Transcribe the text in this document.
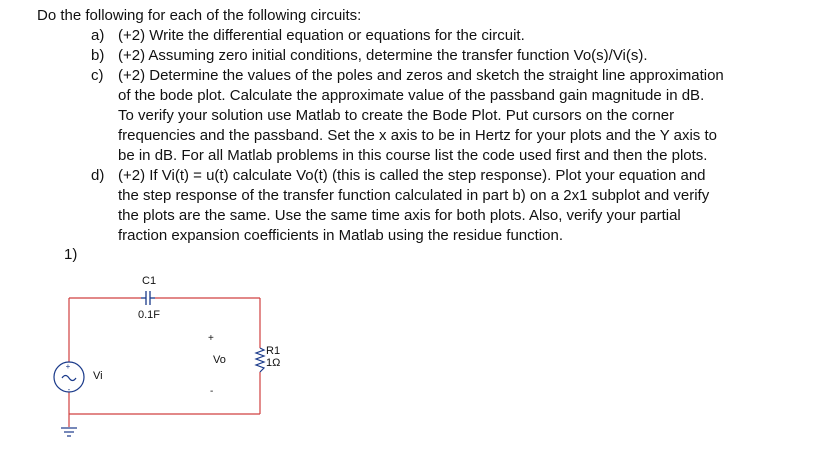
Do the following for each of the following circuits:
a) (+2) Write the differential equation or equations for the circuit.
b) (+2) Assuming zero initial conditions, determine the transfer function Vo(s)/Vi(s).
c) (+2) Determine the values of the poles and zeros and sketch the straight line approximation
of the bode plot. Calculate the approximate value of the passband gain magnitude in dB.
To verify your solution use Matlab to create the Bode Plot. Put cursors on the corner
frequencies and the passband. Set the x axis to be in Hertz for your plots and the Y axis to
be in dB. For all Matlab problems in this course list the code used first and then the plots.
d) (+2) If Vi(t) = u(t) calculate Vo(t) (this is called the step response). Plot your equation and
the step response of the transfer function calculated in part b) on a 2x1 subplot and verify
the plots are the same. Use the same time axis for both plots. Also, verify your partial
fraction expansion coefficients in Matlab using the residue function.
1)
+
-
C1
0.1F
+
Vo
-
R1
1Ω
Vi
